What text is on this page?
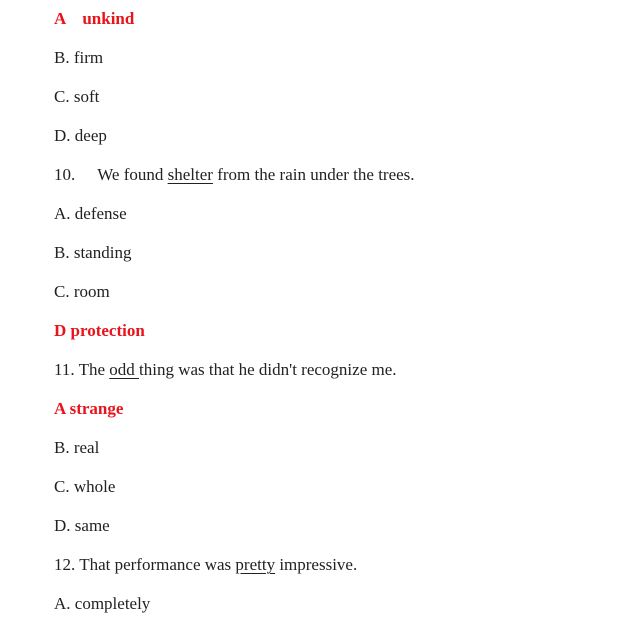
A    unkind
B. firm
C. soft
D. deep
10. We found shelter from the rain under the trees.
A. defense
B. standing
C. room
D protection
11. The odd thing was that he didn't recognize me.
A strange
B. real
C. whole
D. same
12. That performance was pretty impressive.
A. completely
